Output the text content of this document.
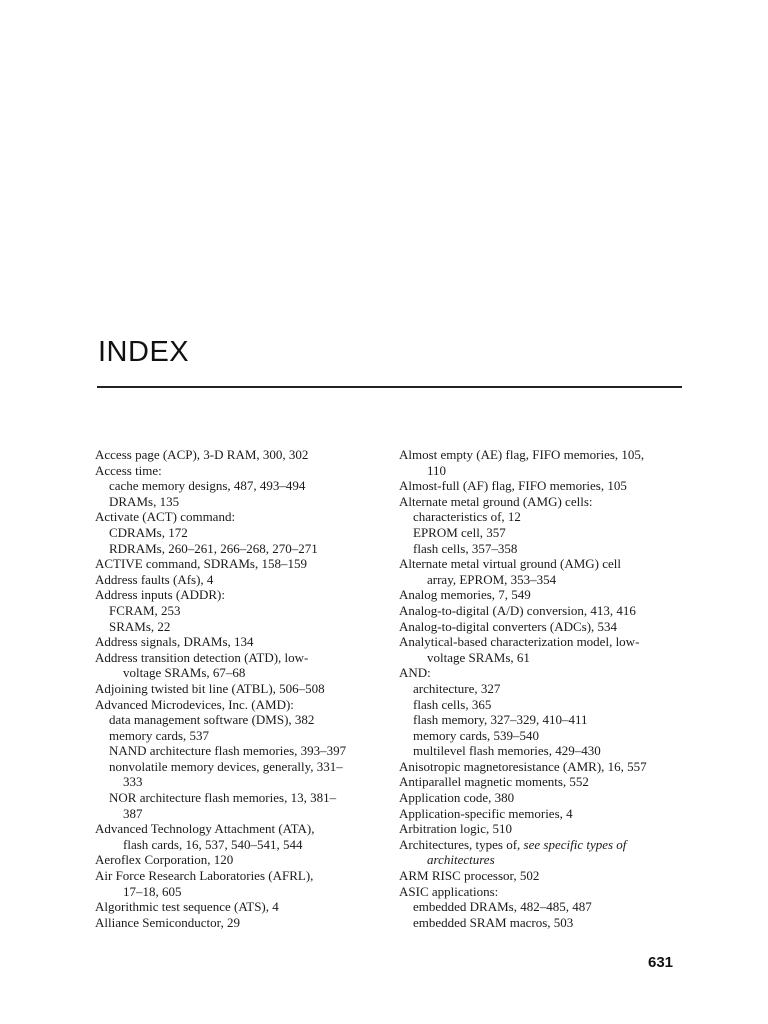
INDEX
Access page (ACP), 3-D RAM, 300, 302
Access time:
cache memory designs, 487, 493–494
DRAMs, 135
Activate (ACT) command:
CDRAMs, 172
RDRAMs, 260–261, 266–268, 270–271
ACTIVE command, SDRAMs, 158–159
Address faults (Afs), 4
Address inputs (ADDR):
FCRAM, 253
SRAMs, 22
Address signals, DRAMs, 134
Address transition detection (ATD), low-
voltage SRAMs, 67–68
Adjoining twisted bit line (ATBL), 506–508
Advanced Microdevices, Inc. (AMD):
data management software (DMS), 382
memory cards, 537
NAND architecture flash memories, 393–397
nonvolatile memory devices, generally, 331–
333
NOR architecture flash memories, 13, 381–
387
Advanced Technology Attachment (ATA),
flash cards, 16, 537, 540–541, 544
Aeroflex Corporation, 120
Air Force Research Laboratories (AFRL),
17–18, 605
Algorithmic test sequence (ATS), 4
Alliance Semiconductor, 29
Almost empty (AE) flag, FIFO memories, 105,
110
Almost-full (AF) flag, FIFO memories, 105
Alternate metal ground (AMG) cells:
characteristics of, 12
EPROM cell, 357
flash cells, 357–358
Alternate metal virtual ground (AMG) cell
array, EPROM, 353–354
Analog memories, 7, 549
Analog-to-digital (A/D) conversion, 413, 416
Analog-to-digital converters (ADCs), 534
Analytical-based characterization model, low-
voltage SRAMs, 61
AND:
architecture, 327
flash cells, 365
flash memory, 327–329, 410–411
memory cards, 539–540
multilevel flash memories, 429–430
Anisotropic magnetoresistance (AMR), 16, 557
Antiparallel magnetic moments, 552
Application code, 380
Application-specific memories, 4
Arbitration logic, 510
Architectures, types of, see specific types of
architectures
ARM RISC processor, 502
ASIC applications:
embedded DRAMs, 482–485, 487
embedded SRAM macros, 503
631
